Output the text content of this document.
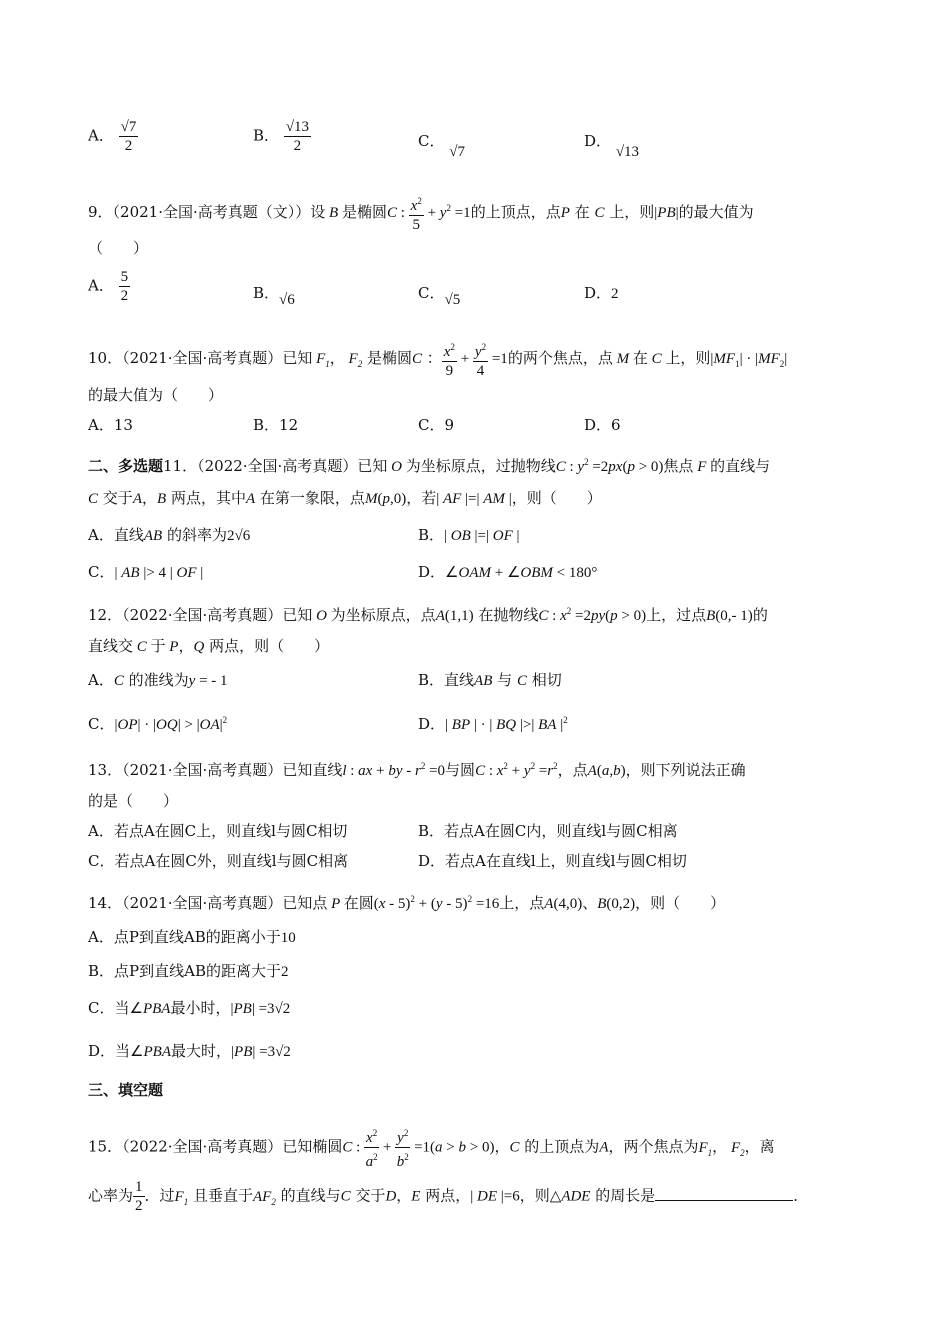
A． $\frac{√7}{2}$	B． $\frac{√13}{2}$	C． √7
D． √13
9．（2021·全国·高考真题（文））设 B 是椭圆C : $\frac{x^2}{5} + y^2 =1$的上顶点，点P 在 C 上，则|PB|的最大值为
（　　）
A． $\frac{5}{2}$	B．√6	C．√5	D．2
10．（2021·全国·高考真题）已知 $F_1$， $F_2$ 是椭圆C ： $\frac{x^2}{9} + \frac{y^2}{4} =1$的两个焦点，点 M 在 C 上，则$|MF_1| \cdot |MF_2|$
的最大值为（　　）
A．13	B．12	C．9	D．6
二、多选题11．（2022·全国·高考真题）已知 O 为坐标原点，过抛物线C : $y^2 =2px(p > 0)$焦点 F 的直线与
C 交于A，B 两点，其中A 在第一象限，点M(p,0)，若| AF |=| AM |，则（　　）
A．直线AB 的斜率为2√6	B．| OB |=| OF |
C．| AB |> 4 | OF |	D．∠OAM + ∠OBM < 180°
12．（2022·全国·高考真题）已知 O 为坐标原点，点A(1,1) 在抛物线C : $x^2 =2py(p > 0)$上，过点B(0,- 1)的
直线交 C 于 P，Q 两点，则（　　）
A．C 的准线为y = - 1	B．直线AB 与 C 相切
C．$|OP| \cdot |OQ| > |OA|^2$	D．| BP | · | BQ |>| BA $|^2$
13．（2021·全国·高考真题）已知直线l : ax + by - $r^2 =0$与圆C : $x^2 + y^2 =r^2$，点A(a,b)，则下列说法正确
的是（　　）
A．若点A在圆C上，则直线l与圆C相切	B．若点A在圆C内，则直线l与圆C相离
C．若点A在圆C外，则直线l与圆C相离	D．若点A在直线l上，则直线l与圆C相切
14．（2021·全国·高考真题）已知点 P 在圆(x - 5)$^2$ + (y - 5)$^2$ =16上，点A(4,0)、B(0,2)，则（　　）
A．点P到直线AB的距离小于10
B．点P到直线AB的距离大于2
C．当∠PBA最小时，|PB| =3√2
D．当∠PBA最大时，|PB| =3√2
三、填空题
15．（2022·全国·高考真题）已知椭圆C : $\frac{x^2}{a^2} + \frac{y^2}{b^2} =1(a > b > 0)$，C 的上顶点为A，两个焦点为$F_1$， $F_2$，离
心率为 $\frac{1}{2}$ ．过$F_1$ 且垂直于$AF_2$ 的直线与C 交于D，E 两点，| DE |=6，则△ADE 的周长是	．
